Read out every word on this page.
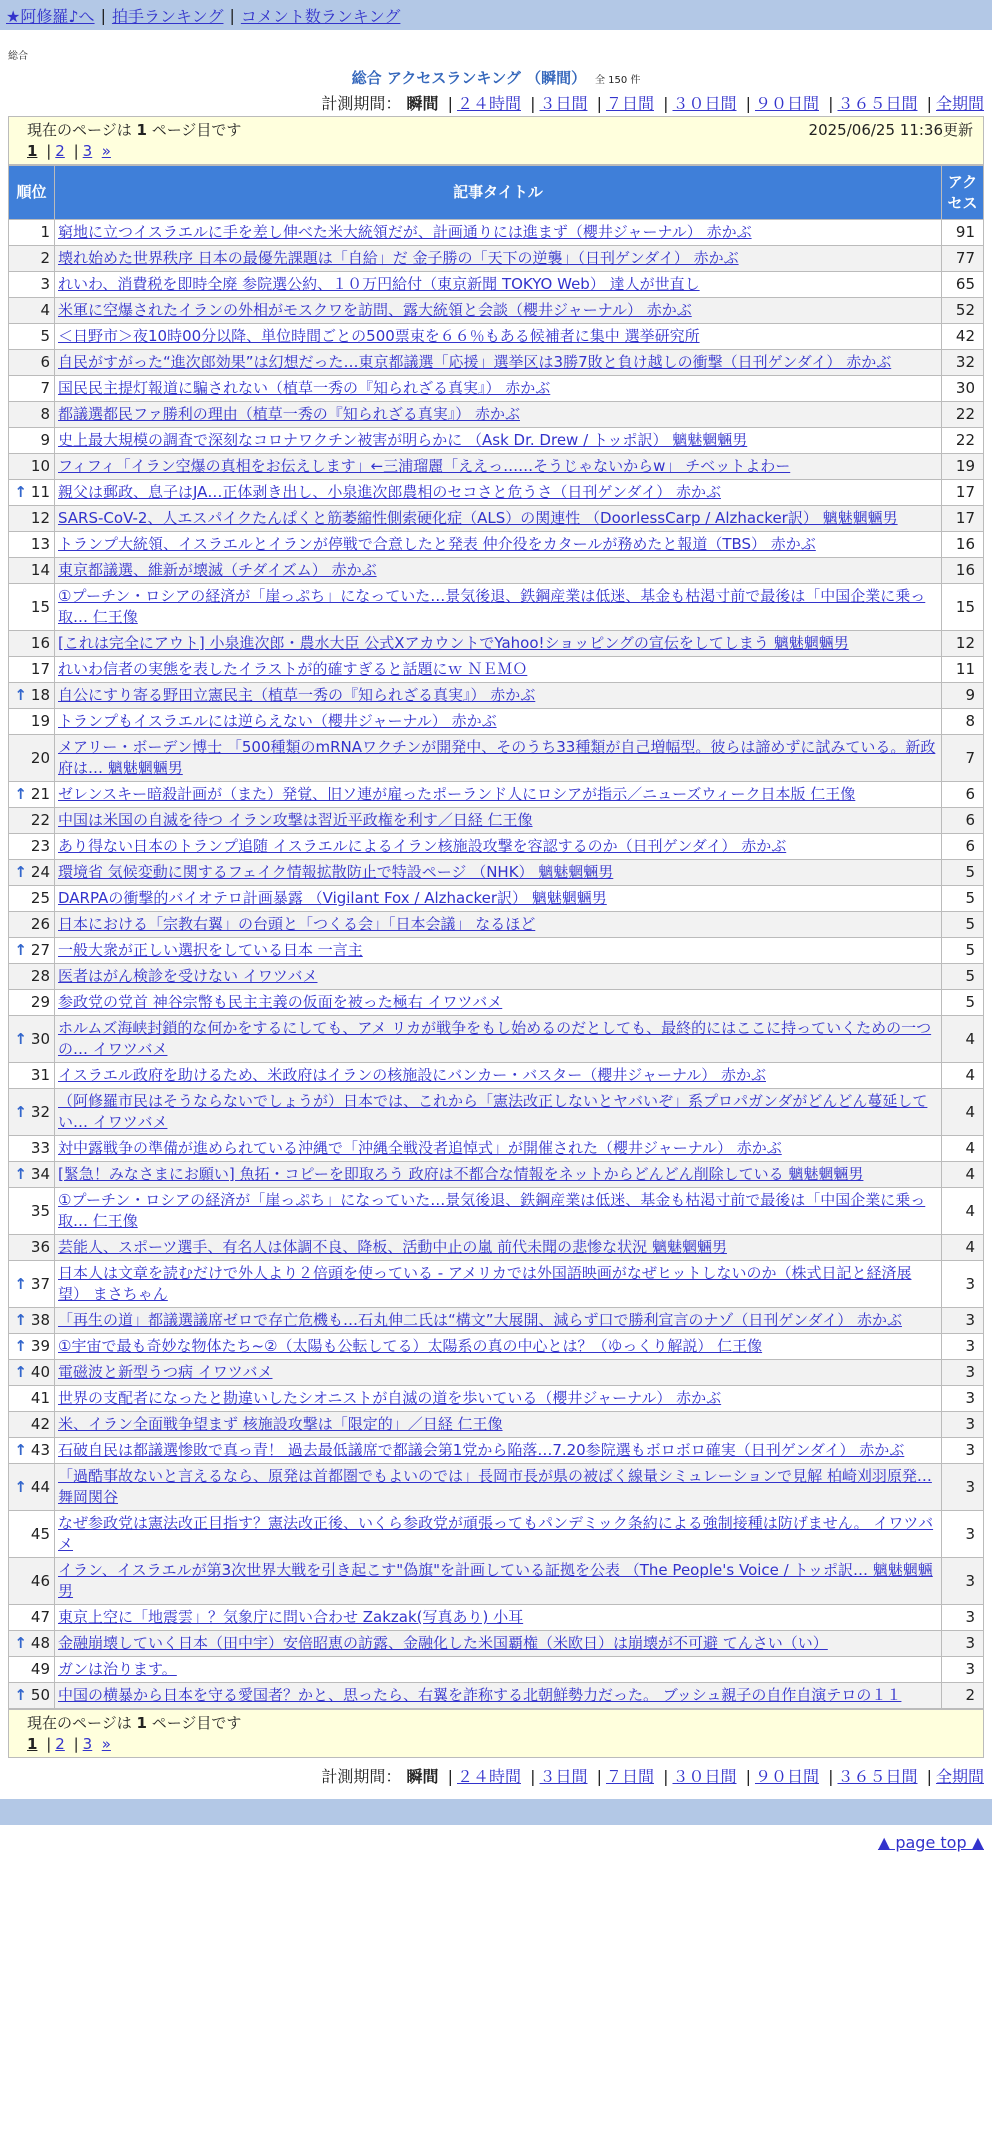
★阿修羅♪へ | 拍手ランキング | コメント数ランキング
総合
総合 アクセスランキング （瞬間） 全 150 件
計測期間： 瞬間 | ２４時間 | ３日間 | ７日間 | ３０日間 | ９０日間 | ３６５日間 | 全期間
現在のページは 1 ページ目です	2025/06/25 11:36更新
1 | 2 | 3 »
順位	記事タイトル	アクセス
1	窮地に立つイスラエルに手を差し伸べた米大統領だが、計画通りには進まず（櫻井ジャーナル） 赤かぶ	91
2	壊れ始めた世界秩序 日本の最優先課題は「自給」だ 金子勝の「天下の逆襲」（日刊ゲンダイ） 赤かぶ	77
3	れいわ、消費税を即時全廃 参院選公約、１０万円給付（東京新聞 TOKYO Web） 達人が世直し	65
4	米軍に空爆されたイランの外相がモスクワを訪問、露大統領と会談（櫻井ジャーナル） 赤かぶ	52
5	＜日野市＞夜10時00分以降、単位時間ごとの500票束を６６％もある候補者に集中 選挙研究所	42
6	自民がすがった“進次郎効果”は幻想だった…東京都議選「応援」選挙区は3勝7敗と負け越しの衝撃（日刊ゲンダイ） 赤かぶ	32
7	国民民主提灯報道に騙されない（植草一秀の『知られざる真実』） 赤かぶ	30
8	都議選都民ファ勝利の理由（植草一秀の『知られざる真実』） 赤かぶ	22
9	史上最大規模の調査で深刻なコロナワクチン被害が明らかに （Ask Dr. Drew / トッポ訳） 魑魅魍魎男	22
10	フィフィ「イラン空爆の真相をお伝えします」←三浦瑠麗「ええっ……そうじゃないからw」 チベットよわー	19
↑ 11	親父は郵政、息子はJA…正体剥き出し、小泉進次郎農相のセコさと危うさ（日刊ゲンダイ） 赤かぶ	17
12	SARS-CoV-2、人エスパイクたんぱくと筋萎縮性側索硬化症（ALS）の関連性 （DoorlessCarp / Alzhacker訳） 魑魅魍魎男	17
13	トランプ大統領、イスラエルとイランが停戦で合意したと発表 仲介役をカタールが務めたと報道（TBS） 赤かぶ	16
14	東京都議選、維新が壊滅（チダイズム） 赤かぶ	16
15	①プーチン・ロシアの経済が「崖っぷち」になっていた…景気後退、鉄鋼産業は低迷、基金も枯渇寸前で最後は「中国企業に乗っ取… 仁王像	15
16	[これは完全にアウト] 小泉進次郎・農水大臣 公式XアカウントでYahoo!ショッピングの宣伝をしてしまう 魑魅魍魎男	12
17	れいわ信者の実態を表したイラストが的確すぎると話題にｗ ＮＥＭＯ	11
↑ 18	自公にすり寄る野田立憲民主（植草一秀の『知られざる真実』） 赤かぶ	9
19	トランプもイスラエルには逆らえない（櫻井ジャーナル） 赤かぶ	8
20	メアリー・ボーデン博士 「500種類のmRNAワクチンが開発中、そのうち33種類が自己増幅型。彼らは諦めずに試みている。新政府は… 魑魅魍魎男	7
↑ 21	ゼレンスキー暗殺計画が（また）発覚、旧ソ連が雇ったポーランド人にロシアが指示／ニューズウィーク日本版 仁王像	6
22	中国は米国の自滅を待つ イラン攻撃は習近平政権を利す／日経 仁王像	6
23	あり得ない日本のトランプ追随 イスラエルによるイラン核施設攻撃を容認するのか（日刊ゲンダイ） 赤かぶ	6
↑ 24	環境省 気候変動に関するフェイク情報拡散防止で特設ページ （NHK） 魑魅魍魎男	5
25	DARPAの衝撃的バイオテロ計画暴露 （Vigilant Fox / Alzhacker訳） 魑魅魍魎男	5
26	日本における「宗教右翼」の台頭と「つくる会」「日本会議」 なるほど	5
↑ 27	一般大衆が正しい選択をしている日本 一言主	5
28	医者はがん検診を受けない イワツバメ	5
29	参政党の党首 神谷宗幣も民主主義の仮面を被った極右 イワツバメ	5
↑ 30	ホルムズ海峡封鎖的な何かをするにしても、アメ リカが戦争をもし始めるのだとしても、最終的にはここに持っていくための一つの… イワツバメ	4
31	イスラエル政府を助けるため、米政府はイランの核施設にバンカー・バスター（櫻井ジャーナル） 赤かぶ	4
↑ 32	（阿修羅市民はそうならないでしょうが）日本では、これから「憲法改正しないとヤバいぞ」系プロパガンダがどんどん蔓延してい… イワツバメ	4
33	対中露戦争の準備が進められている沖縄で「沖縄全戦没者追悼式」が開催された（櫻井ジャーナル） 赤かぶ	4
↑ 34	[緊急！みなさまにお願い] 魚拓・コピーを即取ろう 政府は不都合な情報をネットからどんどん削除している 魑魅魍魎男	4
35	①プーチン・ロシアの経済が「崖っぷち」になっていた…景気後退、鉄鋼産業は低迷、基金も枯渇寸前で最後は「中国企業に乗っ取… 仁王像	4
36	芸能人、スポーツ選手、有名人は体調不良、降板、活動中止の嵐 前代未聞の悲惨な状況 魑魅魍魎男	4
↑ 37	日本人は文章を読むだけで外人より２倍頭を使っている - アメリカでは外国語映画がなぜヒットしないのか（株式日記と経済展望） まさちゃん	3
↑ 38	「再生の道」都議選議席ゼロで存亡危機も…石丸伸二氏は“構文”大展開、減らず口で勝利宣言のナゾ（日刊ゲンダイ） 赤かぶ	3
↑ 39	①宇宙で最も奇妙な物体たち~②（太陽も公転してる）太陽系の真の中心とは？（ゆっくり解説） 仁王像	3
↑ 40	電磁波と新型うつ病 イワツバメ	3
41	世界の支配者になったと勘違いしたシオニストが自滅の道を歩いている（櫻井ジャーナル） 赤かぶ	3
42	米、イラン全面戦争望まず 核施設攻撃は「限定的」／日経 仁王像	3
↑ 43	石破自民は都議選惨敗で真っ青！ 過去最低議席で都議会第1党から陥落…7.20参院選もボロボロ確実（日刊ゲンダイ） 赤かぶ	3
↑ 44	「過酷事故ないと言えるなら、原発は首都圏でもよいのでは」長岡市長が県の被ばく線量シミュレーションで見解 柏崎刈羽原発… 舞岡関谷	3
45	なぜ参政党は憲法改正目指す？憲法改正後、いくら参政党が頑張ってもパンデミック条約による強制接種は防げません。 イワツバメ	3
46	イラン、イスラエルが第3次世界大戦を引き起こす"偽旗"を計画している証拠を公表 （The People's Voice / トッポ訳… 魑魅魍魎男	3
47	東京上空に「地震雲」？気象庁に問い合わせ Zakzak(写真あり) 小耳	3
↑ 48	金融崩壊していく日本（田中宇）安倍昭恵の訪露、金融化した米国覇権（米欧日）は崩壊が不可避 てんさい（い）	3
49	ガンは治ります。	3
↑ 50	中国の横暴から日本を守る愛国者？かと、思ったら、右翼を詐称する北朝鮮勢力だった。 ブッシュ親子の自作自演テロの１１	2
現在のページは 1 ページ目です
1 | 2 | 3 »
計測期間： 瞬間 | ２４時間 | ３日間 | ７日間 | ３０日間 | ９０日間 | ３６５日間 | 全期間
▲ page top ▲
